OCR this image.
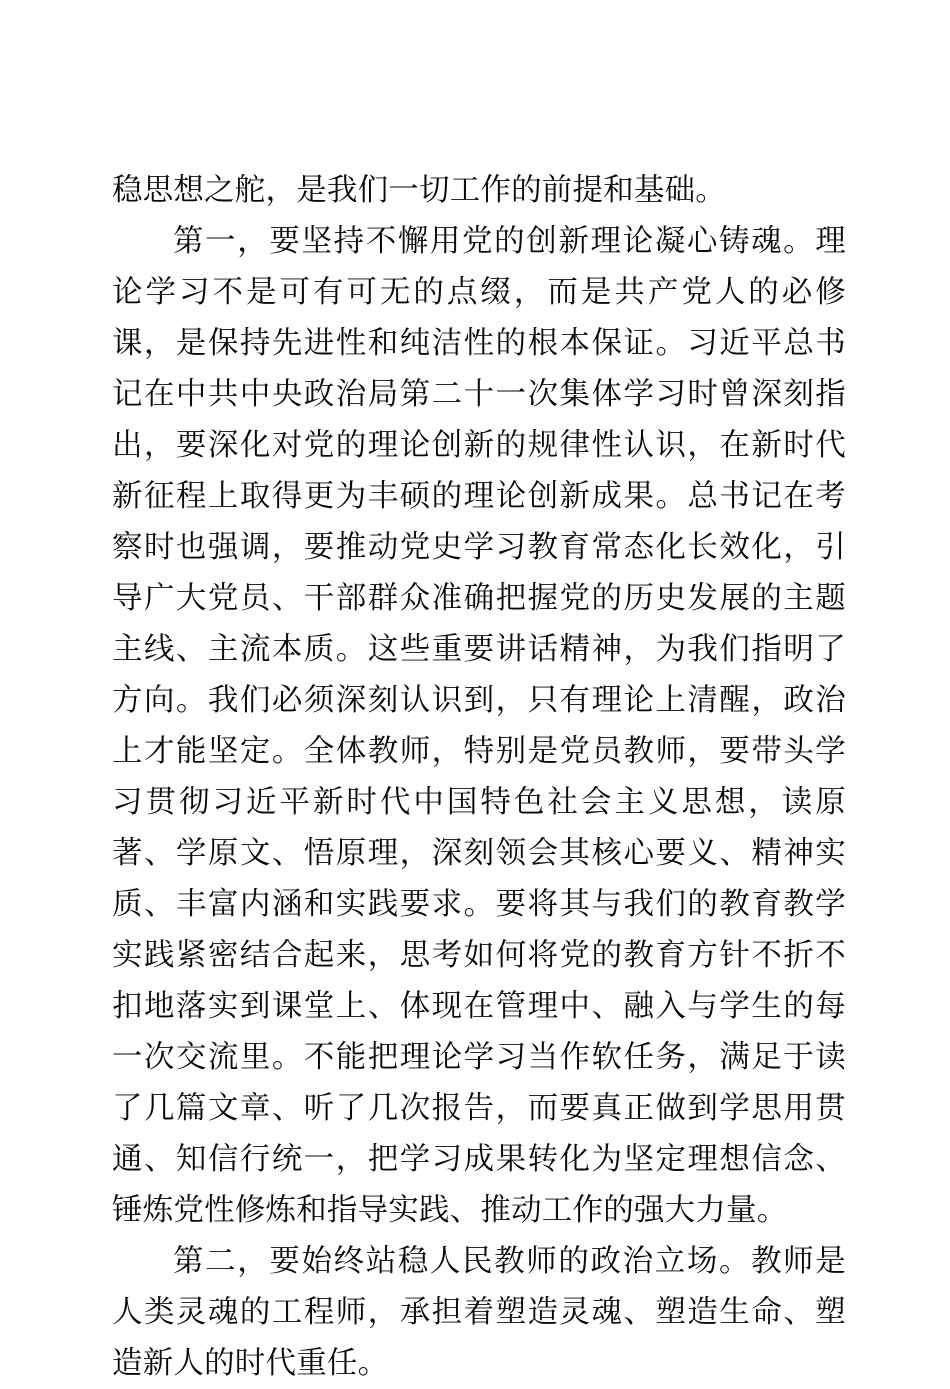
稳思想之舵，是我们一切工作的前提和基础。

第一，要坚持不懈用党的创新理论凝心铸魂。理论学习不是可有可无的点缀，而是共产党人的必修课，是保持先进性和纯洁性的根本保证。习近平总书记在中共中央政治局第二十一次集体学习时曾深刻指出，要深化对党的理论创新的规律性认识，在新时代新征程上取得更为丰硕的理论创新成果。总书记在考察时也强调，要推动党史学习教育常态化长效化，引导广大党员、干部群众准确把握党的历史发展的主题主线、主流本质。这些重要讲话精神，为我们指明了方向。我们必须深刻认识到，只有理论上清醒，政治上才能坚定。全体教师，特别是党员教师，要带头学习贯彻习近平新时代中国特色社会主义思想，读原著、学原文、悟原理，深刻领会其核心要义、精神实质、丰富内涵和实践要求。要将其与我们的教育教学实践紧密结合起来，思考如何将党的教育方针不折不扣地落实到课堂上、体现在管理中、融入与学生的每一次交流里。不能把理论学习当作软任务，满足于读了几篇文章、听了几次报告，而要真正做到学思用贯通、知信行统一，把学习成果转化为坚定理想信念、锤炼党性修炼和指导实践、推动工作的强大力量。

第二，要始终站稳人民教师的政治立场。教师是人类灵魂的工程师，承担着塑造灵魂、塑造生命、塑造新人的时代重任。
